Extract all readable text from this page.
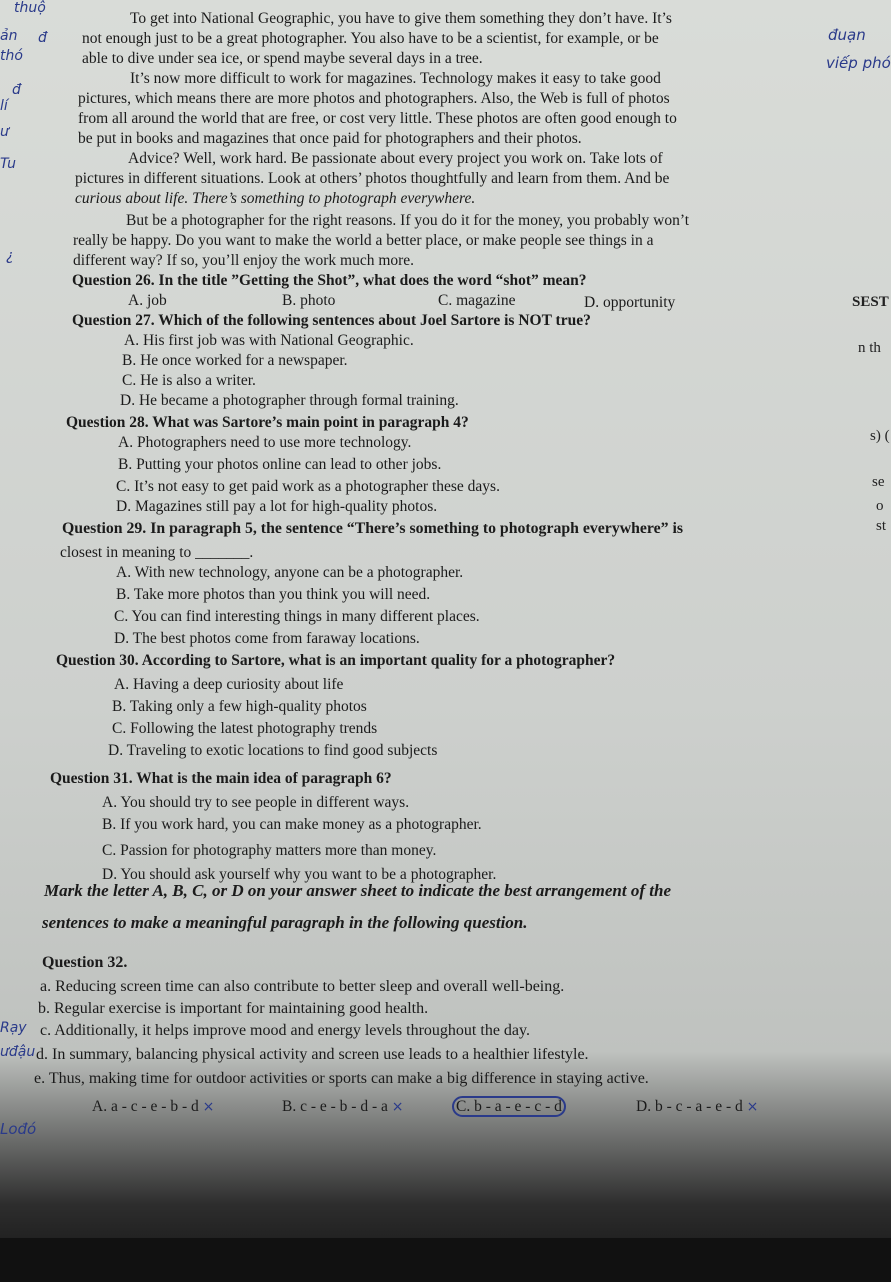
To get into National Geographic, you have to give them something they don’t have. It’s
not enough just to be a great photographer. You also have to be a scientist, for example, or be
able to dive under sea ice, or spend maybe several days in a tree.
It’s now more difficult to work for magazines. Technology makes it easy to take good
pictures, which means there are more photos and photographers. Also, the Web is full of photos
from all around the world that are free, or cost very little. These photos are often good enough to
be put in books and magazines that once paid for photographers and their photos.
Advice? Well, work hard. Be passionate about every project you work on. Take lots of
pictures in different situations. Look at others’ photos thoughtfully and learn from them. And be
curious about life. There’s something to photograph everywhere.
But be a photographer for the right reasons. If you do it for the money, you probably won’t
really be happy. Do you want to make the world a better place, or make people see things in a
different way? If so, you’ll enjoy the work much more.
Question 26. In the title ”Getting the Shot”, what does the word “shot” mean?
A. job	B. photo	C. magazine	D. opportunity
Question 27. Which of the following sentences about Joel Sartore is NOT true?
A. His first job was with National Geographic.
B. He once worked for a newspaper.
C. He is also a writer.
D. He became a photographer through formal training.
Question 28. What was Sartore’s main point in paragraph 4?
A. Photographers need to use more technology.
B. Putting your photos online can lead to other jobs.
C. It’s not easy to get paid work as a photographer these days.
D. Magazines still pay a lot for high-quality photos.
Question 29. In paragraph 5, the sentence “There’s something to photograph everywhere” is
closest in meaning to _______.
A. With new technology, anyone can be a photographer.
B. Take more photos than you think you will need.
C. You can find interesting things in many different places.
D. The best photos come from faraway locations.
Question 30. According to Sartore, what is an important quality for a photographer?
A. Having a deep curiosity about life
B. Taking only a few high-quality photos
C. Following the latest photography trends
D. Traveling to exotic locations to find good subjects
Question 31. What is the main idea of paragraph 6?
A. You should try to see people in different ways.
B. If you work hard, you can make money as a photographer.
C. Passion for photography matters more than money.
D. You should ask yourself why you want to be a photographer.
Mark the letter A, B, C, or D on your answer sheet to indicate the best arrangement of the
sentences to make a meaningful paragraph in the following question.
Question 32.
a. Reducing screen time can also contribute to better sleep and overall well-being.
b. Regular exercise is important for maintaining good health.
c. Additionally, it helps improve mood and energy levels throughout the day.
d. In summary, balancing physical activity and screen use leads to a healthier lifestyle.
e. Thus, making time for outdoor activities or sports can make a big difference in staying active.
A. a - c - e - b - d ×	B. c - e - b - d - a ×	C. b - a - e - c - d	D. b - c - a - e - d ×
thuộ
đ
ản
thó
đ
lí
ư
Tu
¿
Rạy
ưđậu
Lođó
đuạn
viếp phó
SEST
n th
s) (
se
o
st
